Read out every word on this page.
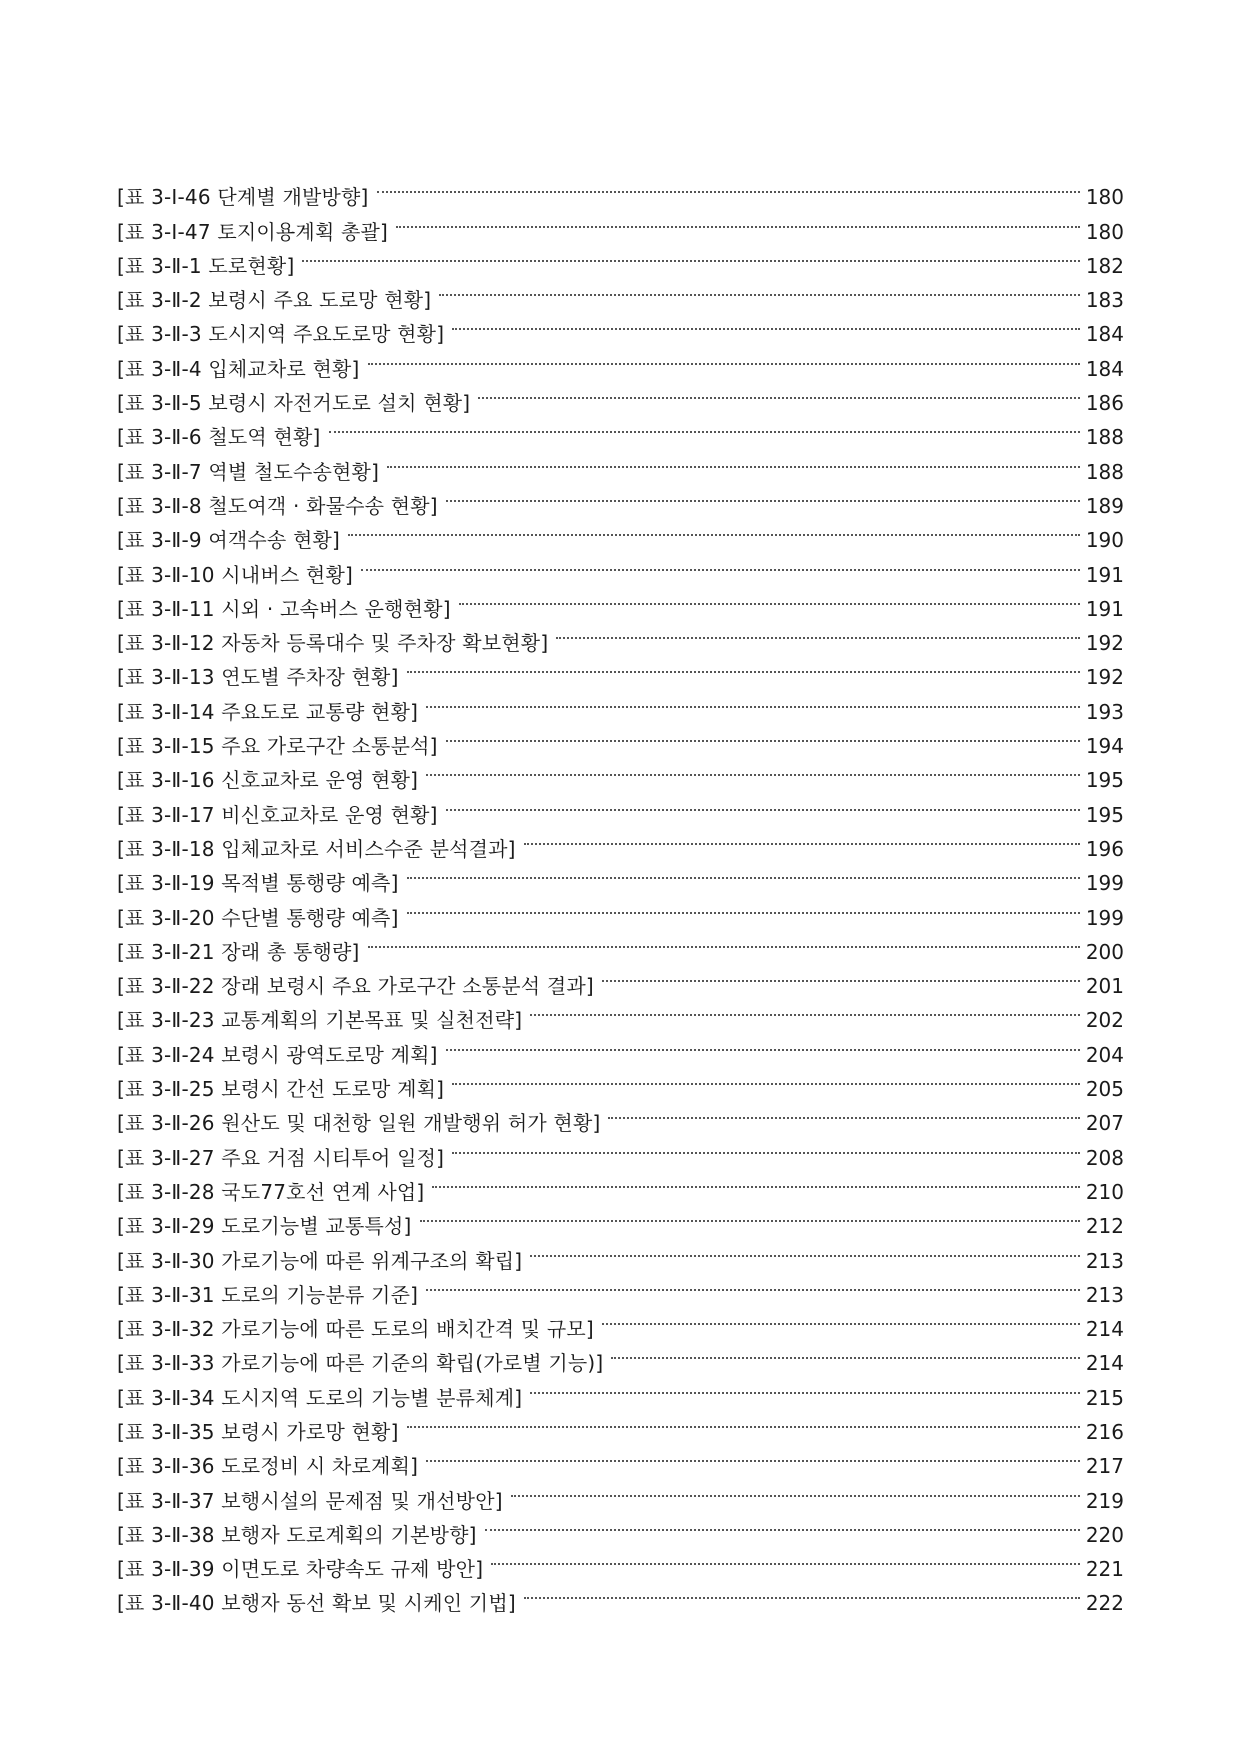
[표 3-Ⅰ-46 단계별 개발방향]	180
[표 3-Ⅰ-47 토지이용계획 총괄]	180
[표 3-Ⅱ-1 도로현황]	182
[표 3-Ⅱ-2 보령시 주요 도로망 현황]	183
[표 3-Ⅱ-3 도시지역 주요도로망 현황]	184
[표 3-Ⅱ-4 입체교차로 현황]	184
[표 3-Ⅱ-5 보령시 자전거도로 설치 현황]	186
[표 3-Ⅱ-6 철도역 현황]	188
[표 3-Ⅱ-7 역별 철도수송현황]	188
[표 3-Ⅱ-8 철도여객 · 화물수송 현황]	189
[표 3-Ⅱ-9 여객수송 현황]	190
[표 3-Ⅱ-10 시내버스 현황]	191
[표 3-Ⅱ-11 시외 · 고속버스 운행현황]	191
[표 3-Ⅱ-12 자동차 등록대수 및 주차장 확보현황]	192
[표 3-Ⅱ-13 연도별 주차장 현황]	192
[표 3-Ⅱ-14 주요도로 교통량 현황]	193
[표 3-Ⅱ-15 주요 가로구간 소통분석]	194
[표 3-Ⅱ-16 신호교차로 운영 현황]	195
[표 3-Ⅱ-17 비신호교차로 운영 현황]	195
[표 3-Ⅱ-18 입체교차로 서비스수준 분석결과]	196
[표 3-Ⅱ-19 목적별 통행량 예측]	199
[표 3-Ⅱ-20 수단별 통행량 예측]	199
[표 3-Ⅱ-21 장래 총 통행량]	200
[표 3-Ⅱ-22 장래 보령시 주요 가로구간 소통분석 결과]	201
[표 3-Ⅱ-23 교통계획의 기본목표 및 실천전략]	202
[표 3-Ⅱ-24 보령시 광역도로망 계획]	204
[표 3-Ⅱ-25 보령시 간선 도로망 계획]	205
[표 3-Ⅱ-26 원산도 및 대천항 일원 개발행위 허가 현황]	207
[표 3-Ⅱ-27 주요 거점 시티투어 일정]	208
[표 3-Ⅱ-28 국도77호선 연계 사업]	210
[표 3-Ⅱ-29 도로기능별 교통특성]	212
[표 3-Ⅱ-30 가로기능에 따른 위계구조의 확립]	213
[표 3-Ⅱ-31 도로의 기능분류 기준]	213
[표 3-Ⅱ-32 가로기능에 따른 도로의 배치간격 및 규모]	214
[표 3-Ⅱ-33 가로기능에 따른 기준의 확립(가로별 기능)]	214
[표 3-Ⅱ-34 도시지역 도로의 기능별 분류체계]	215
[표 3-Ⅱ-35 보령시 가로망 현황]	216
[표 3-Ⅱ-36 도로정비 시 차로계획]	217
[표 3-Ⅱ-37 보행시설의 문제점 및 개선방안]	219
[표 3-Ⅱ-38 보행자 도로계획의 기본방향]	220
[표 3-Ⅱ-39 이면도로 차량속도 규제 방안]	221
[표 3-Ⅱ-40 보행자 동선 확보 및 시케인 기법]	222
